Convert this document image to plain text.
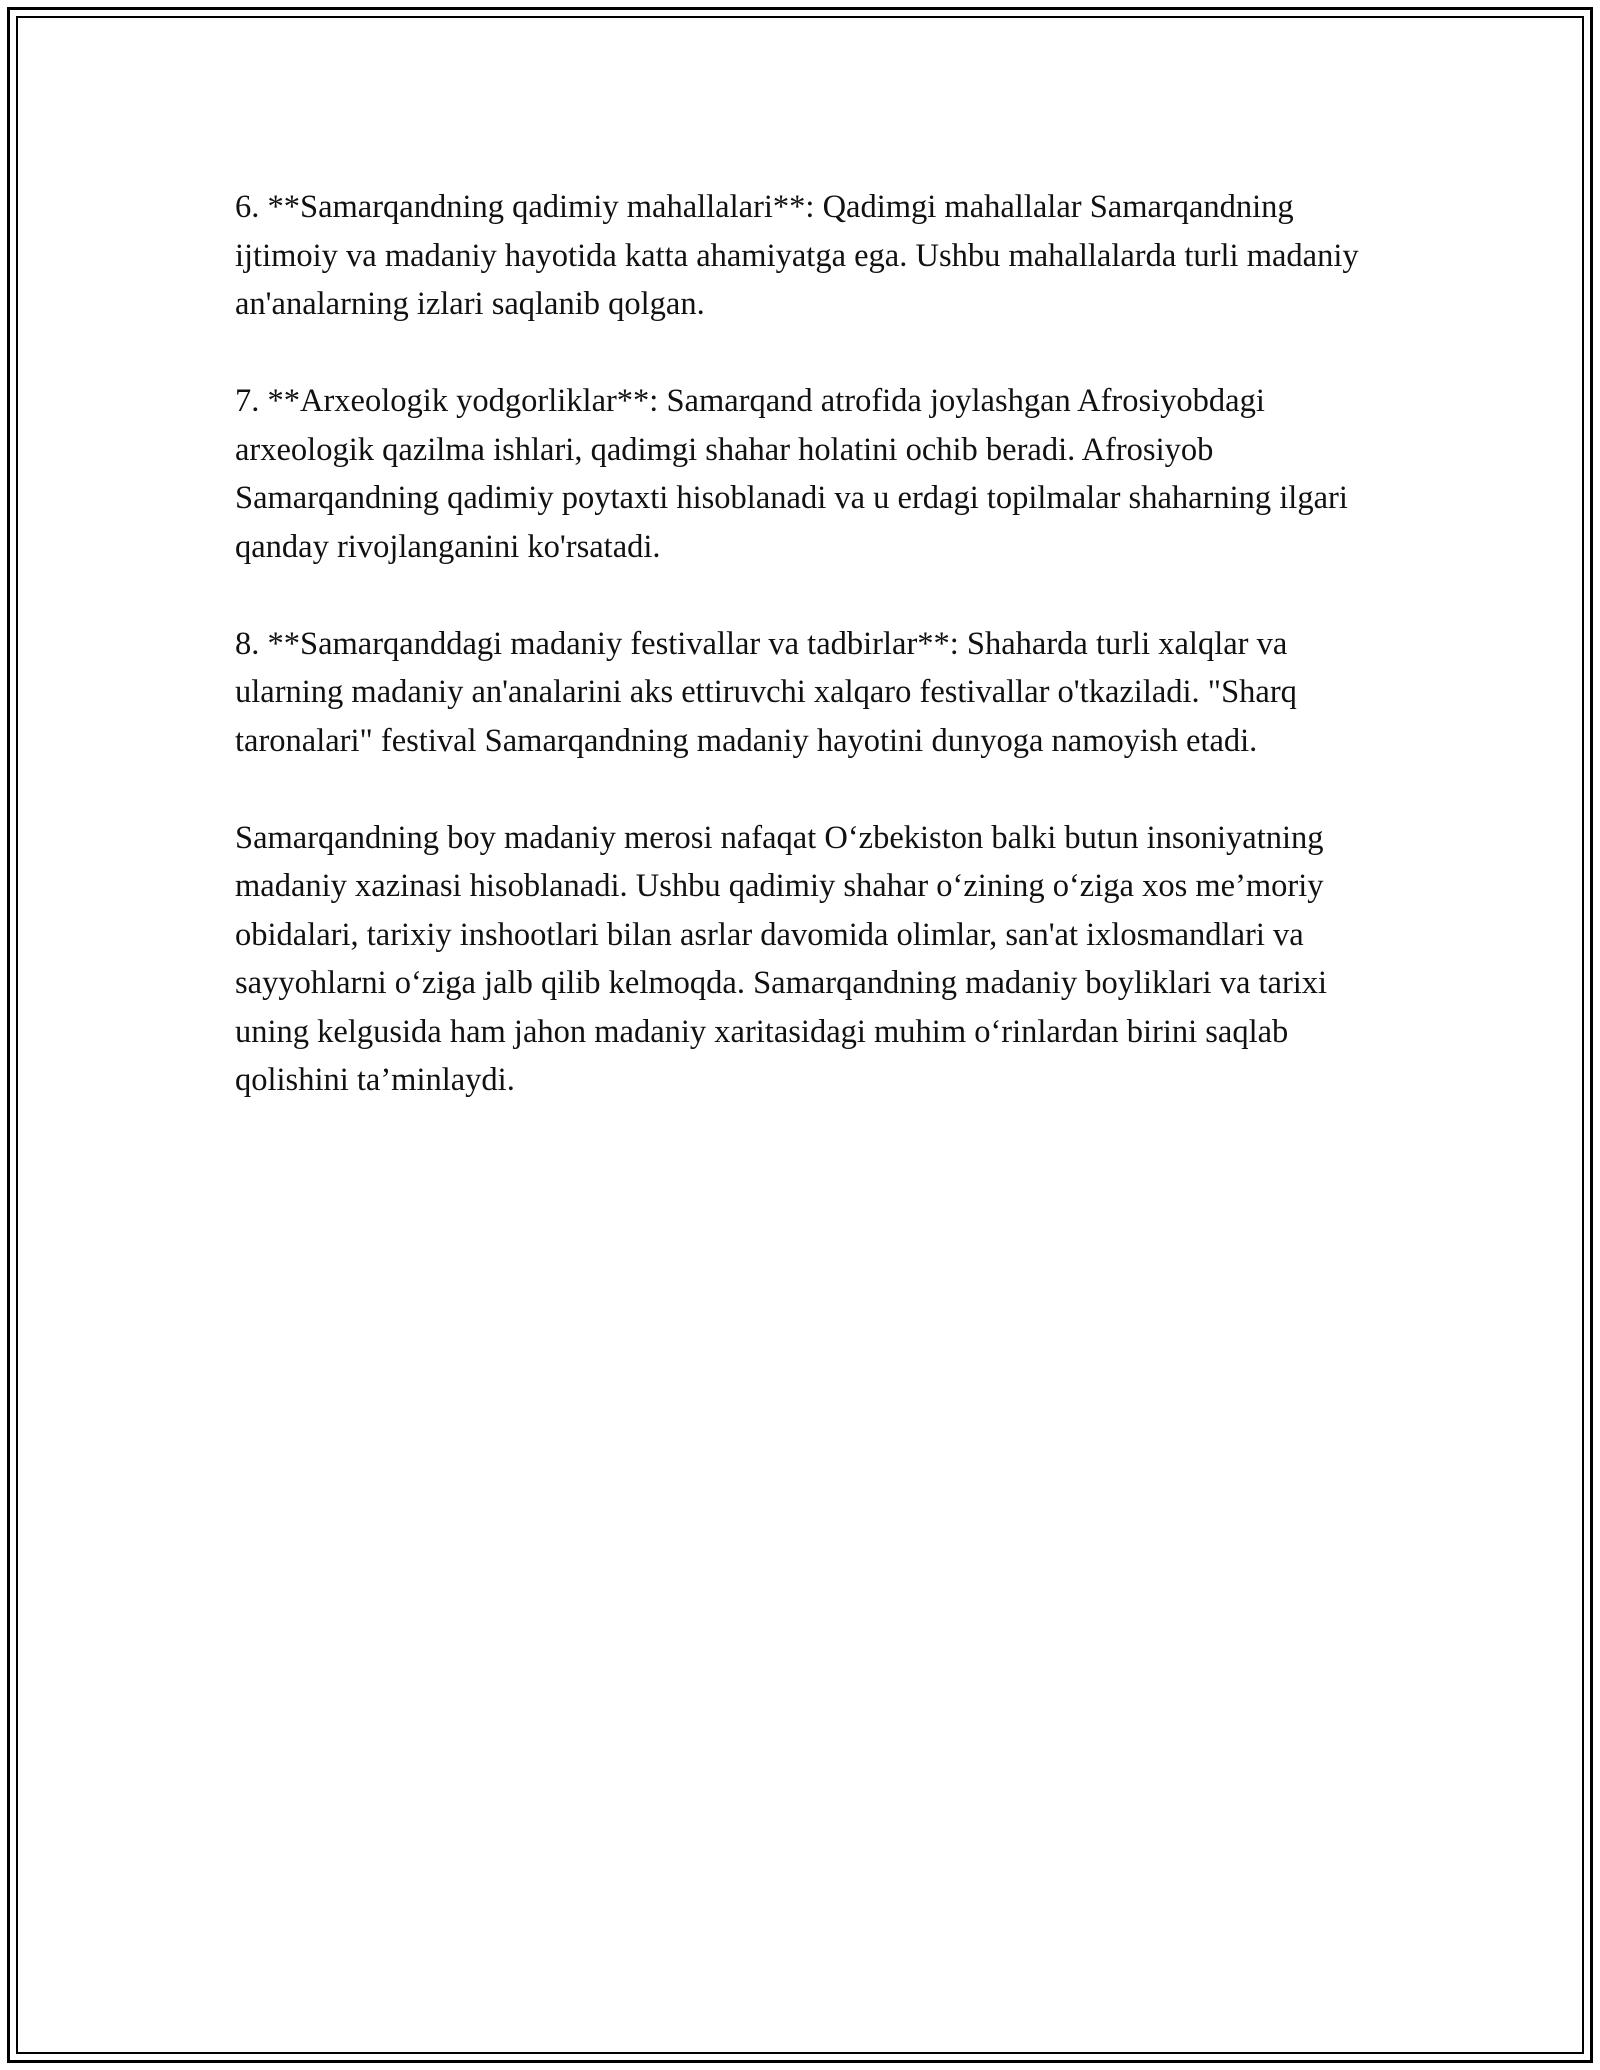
6. **Samarqandning qadimiy mahallalari**: Qadimgi mahallalar Samarqandning ijtimoiy va madaniy hayotida katta ahamiyatga ega. Ushbu mahallalarda turli madaniy an'analarning izlari saqlanib qolgan.

7. **Arxeologik yodgorliklar**: Samarqand atrofida joylashgan Afrosiyobdagi arxeologik qazilma ishlari, qadimgi shahar holatini ochib beradi. Afrosiyob Samarqandning qadimiy poytaxti hisoblanadi va u erdagi topilmalar shaharning ilgari qanday rivojlanganini ko'rsatadi.

8. **Samarqanddagi madaniy festivallar va tadbirlar**: Shaharda turli xalqlar va ularning madaniy an'analarini aks ettiruvchi xalqaro festivallar o'tkaziladi. "Sharq taronalari" festival Samarqandning madaniy hayotini dunyoga namoyish etadi.

Samarqandning boy madaniy merosi nafaqat O‘zbekiston balki butun insoniyatning madaniy xazinasi hisoblanadi. Ushbu qadimiy shahar o‘zining o‘ziga xos me’moriy obidalari, tarixiy inshootlari bilan asrlar davomida olimlar, san'at ixlosmandlari va sayyohlarni o‘ziga jalb qilib kelmoqda. Samarqandning madaniy boyliklari va tarixi uning kelgusida ham jahon madaniy xaritasidagi muhim o‘rinlardan birini saqlab qolishini ta’minlaydi.
